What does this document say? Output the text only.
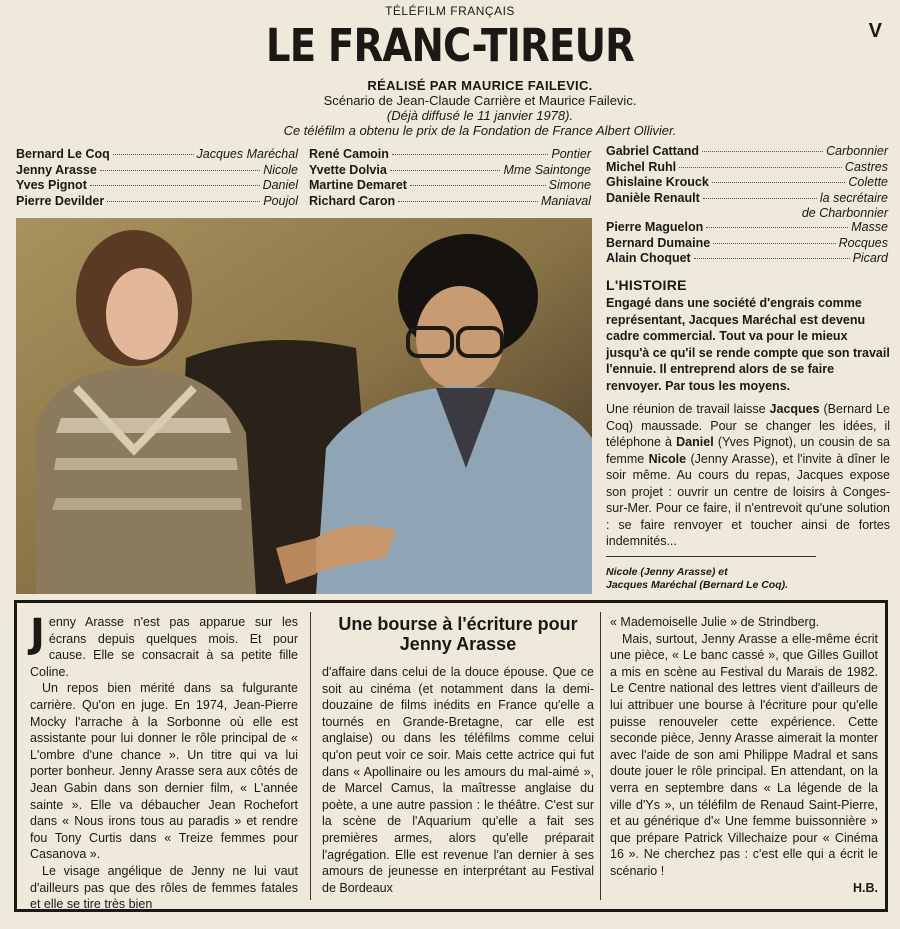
TÉLÉFILM FRANÇAIS
LE FRANC-TIREUR	V
RÉALISÉ PAR MAURICE FAILEVIC.
Scénario de Jean-Claude Carrière et Maurice Failevic.
(Déjà diffusé le 11 janvier 1978).
Ce téléfilm a obtenu le prix de la Fondation de France Albert Ollivier.
Bernard Le Coq	Jacques Maréchal
Jenny Arasse	Nicole
Yves Pignot	Daniel
Pierre Devilder	Poujol
René Camoin	Pontier
Yvette Dolvia	Mme Saintonge
Martine Demaret	Simone
Richard Caron	Maniaval
Gabriel Cattand	Carbonnier
Michel Ruhl	Castres
Ghislaine Krouck	Colette
Danièle Renault	la secrétaire
de Charbonnier
Pierre Maguelon	Masse
Bernard Dumaine	Rocques
Alain Choquet	Picard
Nicole (Jenny Arasse) et
Jacques Maréchal (Bernard Le Coq).
L'HISTOIRE
Engagé dans une société d'engrais comme représentant, Jacques Maréchal est devenu cadre commercial. Tout va pour le mieux jusqu'à ce qu'il se rende compte que son travail l'ennuie. Il entreprend alors de se faire renvoyer. Par tous les moyens.
Une réunion de travail laisse Jacques (Bernard Le Coq) maussade. Pour se changer les idées, il téléphone à Daniel (Yves Pignot), un cousin de sa femme Nicole (Jenny Arasse), et l'invite à dîner le soir même. Au cours du repas, Jacques expose son projet : ouvrir un centre de loisirs à Conges-sur-Mer. Pour ce faire, il n'entrevoit qu'une solution : se faire renvoyer et toucher ainsi de fortes indemnités...

Jenny Arasse n'est pas apparue sur les écrans depuis quelques mois. Et pour cause. Elle se consacrait à sa petite fille Coline.

Un repos bien mérité dans sa fulgurante carrière. Qu'on en juge. En 1974, Jean-Pierre Mocky l'arrache à la Sorbonne où elle est assistante pour lui donner le rôle principal de « L'ombre d'une chance ». Un titre qui va lui porter bonheur. Jenny Arasse sera aux côtés de Jean Gabin dans son dernier film, « L'année sainte ». Elle va débaucher Jean Rochefort dans « Nous irons tous au paradis » et rendre fou Tony Curtis dans « Treize femmes pour Casanova ».

Le visage angélique de Jenny ne lui vaut d'ailleurs pas que des rôles de femmes fatales et elle se tire très bien

Une bourse à l'écriture pour Jenny Arasse

d'affaire dans celui de la douce épouse. Que ce soit au cinéma (et notamment dans la demi-douzaine de films inédits en France qu'elle a tournés en Grande-Bretagne, car elle est anglaise) ou dans les téléfilms comme celui qu'on peut voir ce soir. Mais cette actrice qui fut dans « Apollinaire ou les amours du mal-aimé », de Marcel Camus, la maîtresse anglaise du poète, a une autre passion : le théâtre. C'est sur la scène de l'Aquarium qu'elle a fait ses premières armes, alors qu'elle préparait l'agrégation. Elle est revenue l'an dernier à ses amours de jeunesse en interprétant au Festival de Bordeaux

« Mademoiselle Julie » de Strindberg.

Mais, surtout, Jenny Arasse a elle-même écrit une pièce, « Le banc cassé », que Gilles Guillot a mis en scène au Festival du Marais de 1982. Le Centre national des lettres vient d'ailleurs de lui attribuer une bourse à l'écriture pour qu'elle puisse renouveler cette expérience. Cette seconde pièce, Jenny Arasse aimerait la monter avec l'aide de son ami Philippe Madral et sans doute jouer le rôle principal. En attendant, on la verra en septembre dans « La légende de la ville d'Ys », un téléfilm de Renaud Saint-Pierre, et au générique d'« Une femme buissonnière » que prépare Patrick Villechaize pour « Cinéma 16 ». Ne cherchez pas : c'est elle qui a écrit le scénario !

H.B.
